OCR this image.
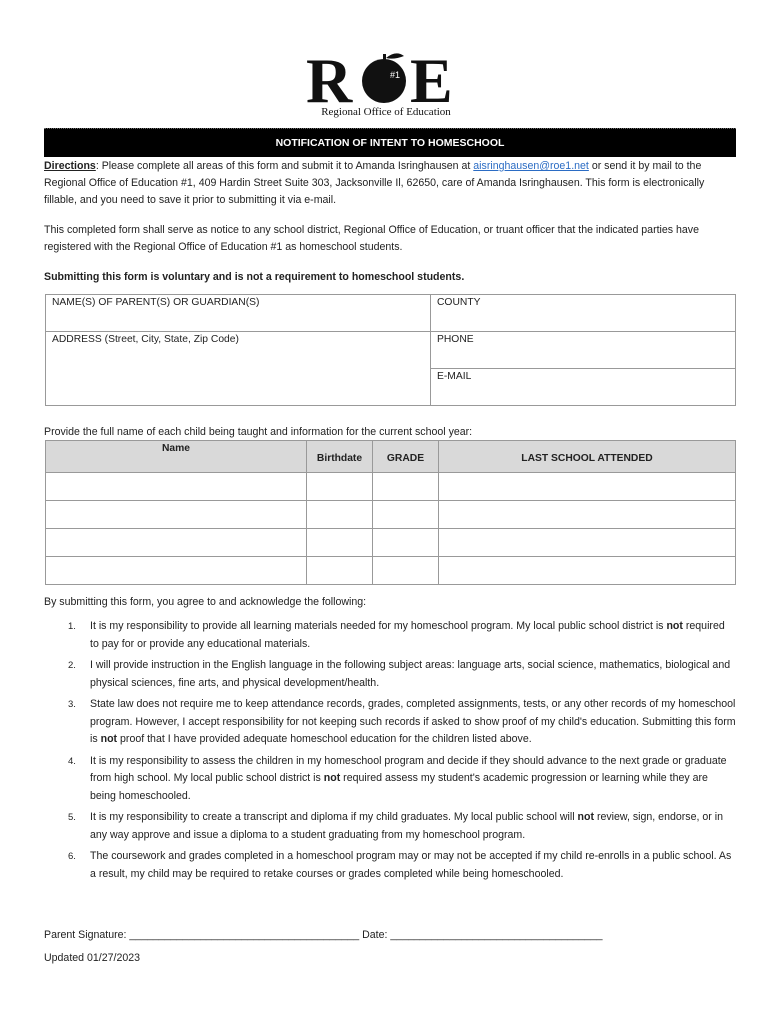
R	#1 E
Regional Office of Education
NOTIFICATION OF INTENT TO HOMESCHOOL

Directions: Please complete all areas of this form and submit it to Amanda Isringhausen at aisringhausen@roe1.net or send it by mail to the Regional Office of Education #1, 409 Hardin Street Suite 303, Jacksonville Il, 62650, care of Amanda Isringhausen. This form is electronically fillable, and you need to save it prior to submitting it via e-mail.

This completed form shall serve as notice to any school district, Regional Office of Education, or truant officer that the indicated parties have registered with the Regional Office of Education #1 as homeschool students.

Submitting this form is voluntary and is not a requirement to homeschool students.

NAME(S) OF PARENT(S) OR GUARDIAN(S)	COUNTY
ADDRESS (Street, City, State, Zip Code)	PHONE
	E-MAIL

Provide the full name of each child being taught and information for the current school year:

Name	Birthdate	GRADE	LAST SCHOOL ATTENDED

By submitting this form, you agree to and acknowledge the following:

1. It is my responsibility to provide all learning materials needed for my homeschool program. My local public school district is not required to pay for or provide any educational materials.
2. I will provide instruction in the English language in the following subject areas: language arts, social science, mathematics, biological and physical sciences, fine arts, and physical development/health.
3. State law does not require me to keep attendance records, grades, completed assignments, tests, or any other records of my homeschool program. However, I accept responsibility for not keeping such records if asked to show proof of my child's education. Submitting this form is not proof that I have provided adequate homeschool education for the children listed above.
4. It is my responsibility to assess the children in my homeschool program and decide if they should advance to the next grade or graduate from high school. My local public school district is not required assess my student's academic progression or learning while they are being homeschooled.
5. It is my responsibility to create a transcript and diploma if my child graduates. My local public school will not review, sign, endorse, or in any way approve and issue a diploma to a student graduating from my homeschool program.
6. The coursework and grades completed in a homeschool program may or may not be accepted if my child re-enrolls in a public school. As a result, my child may be required to retake courses or grades completed while being homeschooled.

Parent Signature: _______________________________________ Date: ____________________________________

Updated 01/27/2023
